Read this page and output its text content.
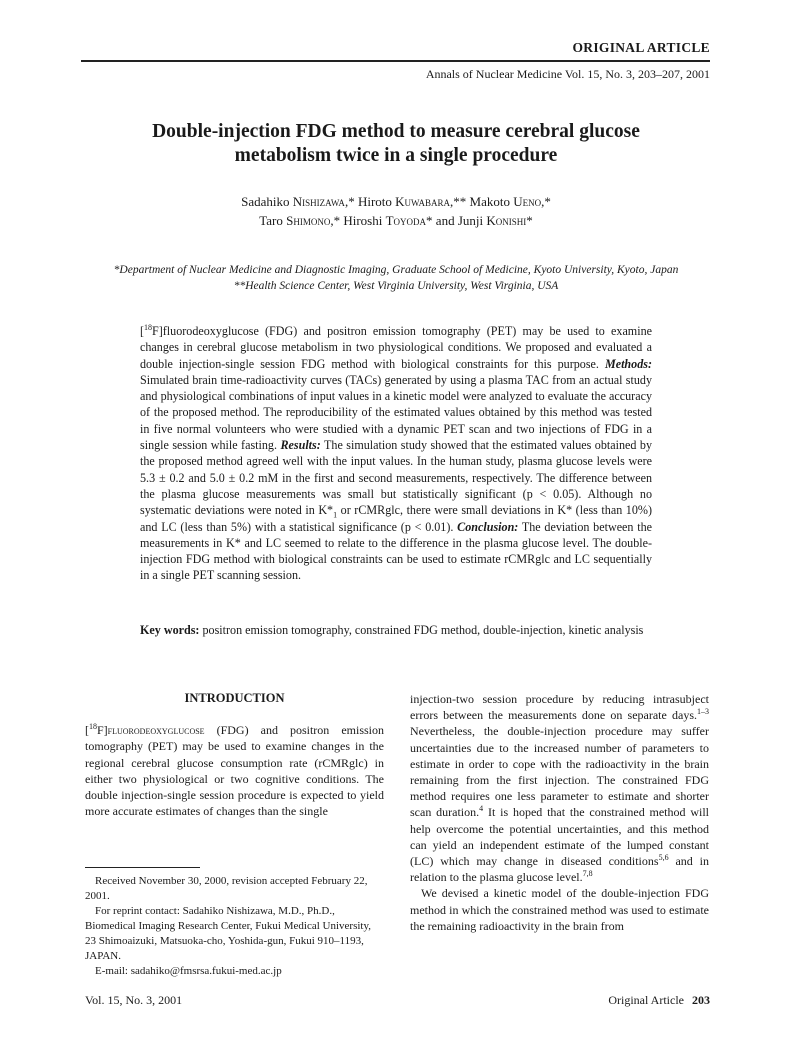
ORIGINAL ARTICLE
Annals of Nuclear Medicine Vol. 15, No. 3, 203–207, 2001
Double-injection FDG method to measure cerebral glucose
metabolism twice in a single procedure
Sadahiko Nishizawa,* Hiroto Kuwabara,** Makoto Ueno,*
Taro Shimono,* Hiroshi Toyoda* and Junji Konishi*
*Department of Nuclear Medicine and Diagnostic Imaging, Graduate School of Medicine, Kyoto University, Kyoto, Japan
**Health Science Center, West Virginia University, West Virginia, USA

[$^{18}$F]fluorodeoxyglucose (FDG) and positron emission tomography (PET) may be used to examine changes in cerebral glucose metabolism in two physiological conditions. We proposed and evaluated a double injection-single session FDG method with biological constraints for this purpose. Methods: Simulated brain time-radioactivity curves (TACs) generated by using a plasma TAC from an actual study and physiological combinations of input values in a kinetic model were analyzed to evaluate the accuracy of the proposed method. The reproducibility of the estimated values obtained by this method was tested in five normal volunteers who were studied with a dynamic PET scan and two injections of FDG in a single session while fasting. Results: The simulation study showed that the estimated values obtained by the proposed method agreed well with the input values. In the human study, plasma glucose levels were 5.3 ± 0.2 and 5.0 ± 0.2 mM in the first and second measurements, respectively. The difference between the plasma glucose measurements was small but statistically significant (p < 0.05). Although no systematic deviations were noted in $K*_1$ or rCMRglc, there were small deviations in K* (less than 10%) and LC (less than 5%) with a statistical significance (p < 0.01). Conclusion: The deviation between the measurements in K* and LC seemed to relate to the difference in the plasma glucose level. The double-injection FDG method with biological constraints can be used to estimate rCMRglc and LC sequentially in a single PET scanning session.

Key words: positron emission tomography, constrained FDG method, double-injection, kinetic analysis
INTRODUCTION

[$^{18}$F]fluorodeoxyglucose (FDG) and positron emission tomography (PET) may be used to examine changes in the regional cerebral glucose consumption rate (rCMRglc) in either two physiological or two cognitive conditions. The double injection-single session procedure is expected to yield more accurate estimates of changes than the single

Received November 30, 2000, revision accepted February 22, 2001.

For reprint contact: Sadahiko Nishizawa, M.D., Ph.D., Biomedical Imaging Research Center, Fukui Medical University, 23 Shimoaizuki, Matsuoka-cho, Yoshida-gun, Fukui 910–1193, JAPAN.

E-mail: sadahiko@fmsrsa.fukui-med.ac.jp

injection-two session procedure by reducing intrasubject errors between the measurements done on separate days.$^{1-3}$ Nevertheless, the double-injection procedure may suffer uncertainties due to the increased number of parameters to estimate in order to cope with the radioactivity in the brain remaining from the first injection. The constrained FDG method requires one less parameter to estimate and shorter scan duration.$^4$ It is hoped that the constrained method will help overcome the potential uncertainties, and this method can yield an independent estimate of the lumped constant (LC) which may change in diseased conditions$^{5,6}$ and in relation to the plasma glucose level.$^{7,8}$

We devised a kinetic model of the double-injection FDG method in which the constrained method was used to estimate the remaining radioactivity in the brain from

Vol. 15, No. 3, 2001	Original Article 203
